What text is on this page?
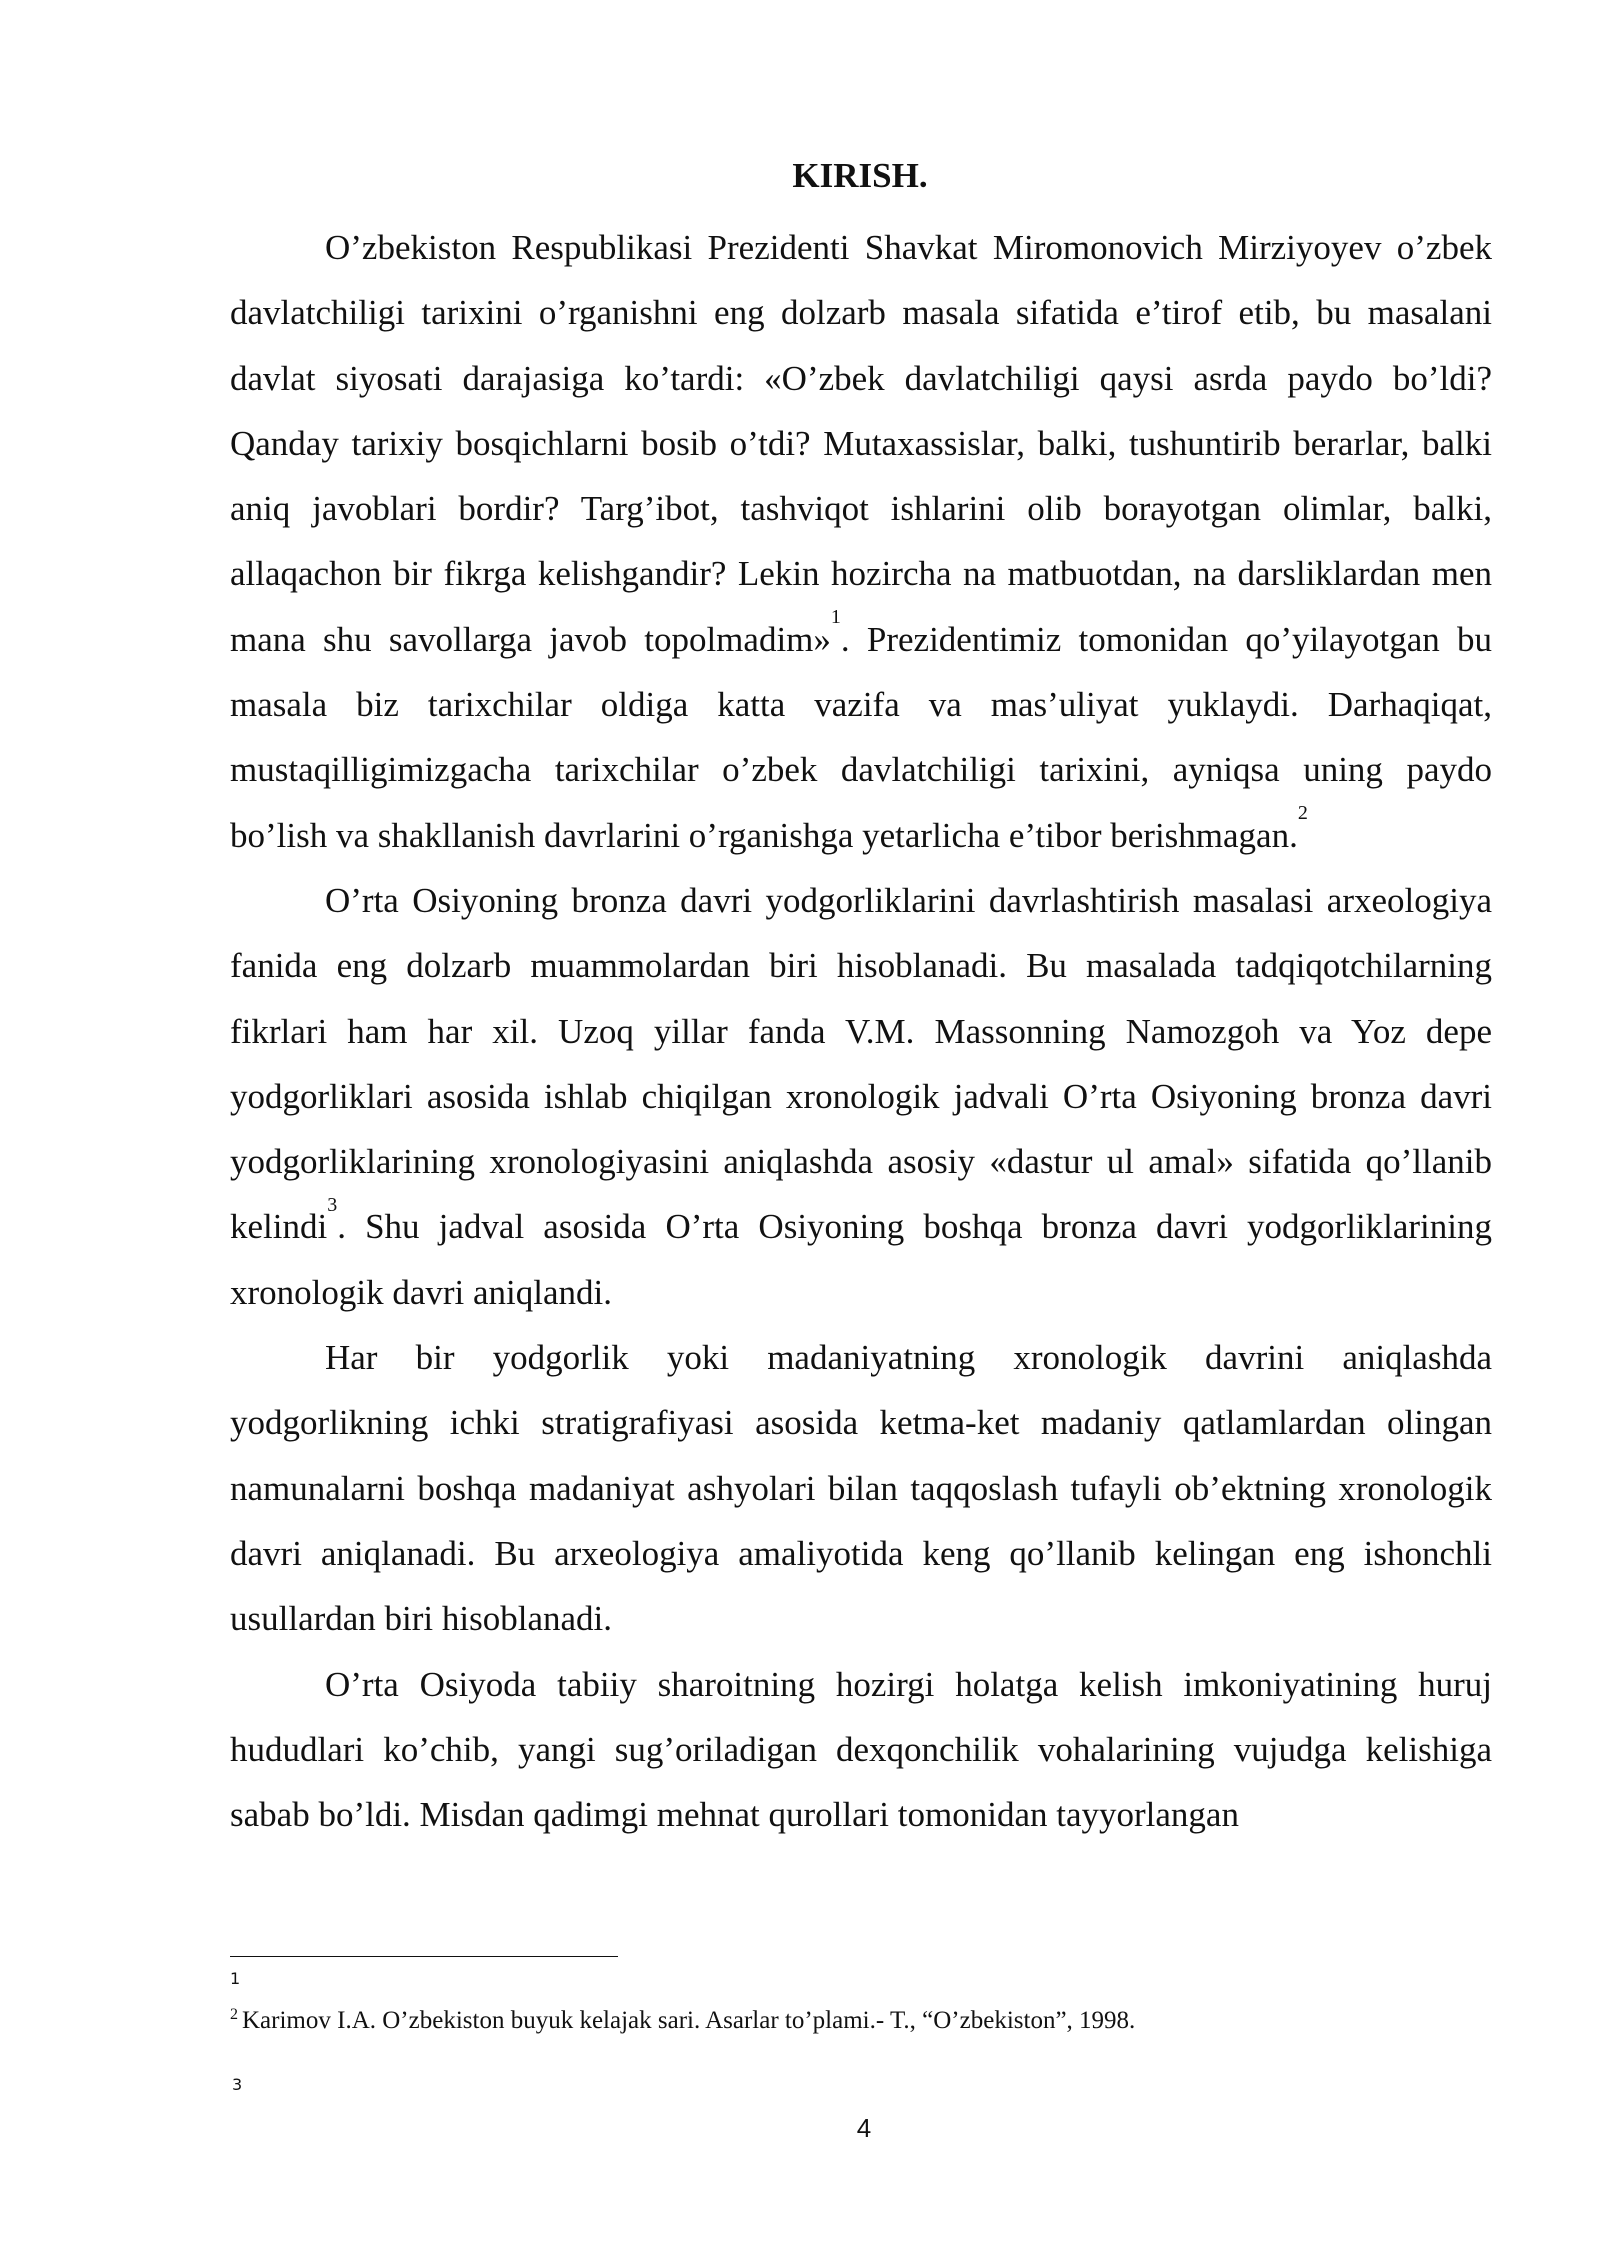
KIRISH.

O’zbekiston Respublikasi Prezidenti Shavkat Miromonovich Mirziyoyev o’zbek davlatchiligi tarixini o’rganishni eng dolzarb masala sifatida e’tirof etib, bu masalani davlat siyosati darajasiga ko’tardi: «O’zbek davlatchiligi qaysi asrda paydo bo’ldi? Qanday tarixiy bosqichlarni bosib o’tdi? Mutaxassislar, balki, tushuntirib berarlar, balki aniq javoblari bordir? Targ’ibot, tashviqot ishlarini olib borayotgan olimlar, balki, allaqachon bir fikrga kelishgandir? Lekin hozircha na matbuotdan, na darsliklardan men mana shu savollarga javob topolmadim»$^1$. Prezidentimiz tomonidan qo’yilayotgan bu masala biz tarixchilar oldiga katta vazifa va mas’uliyat yuklaydi. Darhaqiqat, mustaqilligimizgacha tarixchilar o’zbek davlatchiligi tarixini, ayniqsa uning paydo bo’lish va shakllanish davrlarini o’rganishga yetarlicha e’tibor berishmagan.$^2$

O’rta Osiyoning bronza davri yodgorliklarini davrlashtirish masalasi arxeologiya fanida eng dolzarb muammolardan biri hisoblanadi. Bu masalada tadqiqotchilarning fikrlari ham har xil. Uzoq yillar fanda V.M. Massonning Namozgoh va Yoz depe yodgorliklari asosida ishlab chiqilgan xronologik jadvali O’rta Osiyoning bronza davri yodgorliklarining xronologiyasini aniqlashda asosiy «dastur ul amal» sifatida qo’llanib kelindi$^3$. Shu jadval asosida O’rta Osiyoning boshqa bronza davri yodgorliklarining xronologik davri aniqlandi.

Har bir yodgorlik yoki madaniyatning xronologik davrini aniqlashda yodgorlikning ichki stratigrafiyasi asosida ketma-ket madaniy qatlamlardan olingan namunalarni boshqa madaniyat ashyolari bilan taqqoslash tufayli ob’ektning xronologik davri aniqlanadi. Bu arxeologiya amaliyotida keng qo’llanib kelingan eng ishonchli usullardan biri hisoblanadi.

O’rta Osiyoda tabiiy sharoitning hozirgi holatga kelish imkoniyatining huruj hududlari ko’chib, yangi sug’oriladigan dexqonchilik vohalarining vujudga kelishiga sabab bo’ldi. Misdan qadimgi mehnat qurollari tomonidan tayyorlangan

1

$^2$ Karimov I.A. O’zbekiston buyuk kelajak sari. Asarlar to’plami.- T., “O’zbekiston”, 1998.

3

4
